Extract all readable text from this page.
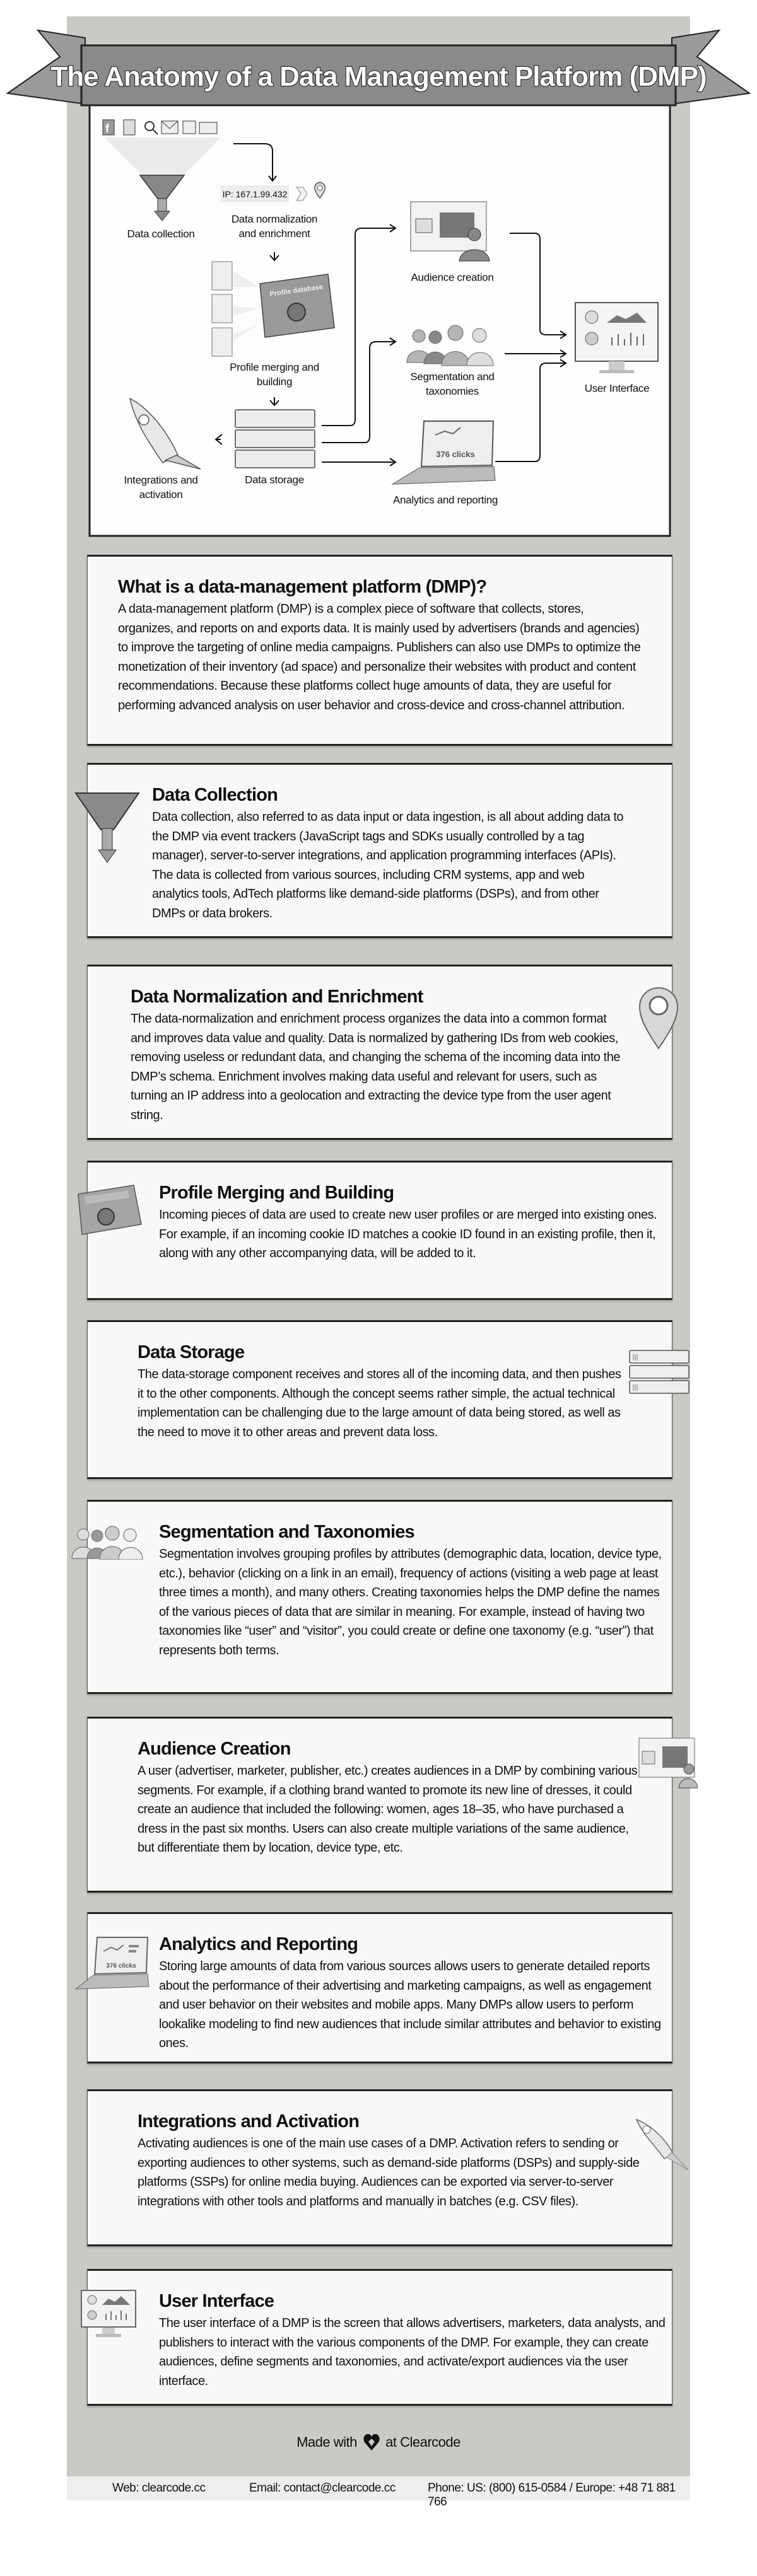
The Anatomy of a Data Management Platform (DMP)
f
IP: 167.1.99.432
Profile database
376 clicks
Data collection
Data normalization
and enrichment
Profile merging and
building
Data storage
Integrations and
activation
Audience creation
Segmentation and
taxonomies
Analytics and reporting
User Interface
What is a data-management platform (DMP)?

A data-management platform (DMP) is a complex piece of software that collects, stores, organizes, and reports on and exports data. It is mainly used by advertisers (brands and agencies) to improve the targeting of online media campaigns. Publishers can also use DMPs to optimize the monetization of their inventory (ad space) and personalize their websites with product and content recommendations. Because these platforms collect huge amounts of data, they are useful for performing advanced analysis on user behavior and cross-device and cross-channel attribution.

Data Collection

Data collection, also referred to as data input or data ingestion, is all about adding data to the DMP via event trackers (JavaScript tags and SDKs usually controlled by a tag manager), server-to-server integrations, and application programming interfaces (APIs). The data is collected from various sources, including CRM systems, app and web analytics tools, AdTech platforms like demand-side platforms (DSPs), and from other DMPs or data brokers.

Data Normalization and Enrichment

The data-normalization and enrichment process organizes the data into a common format and improves data value and quality. Data is normalized by gathering IDs from web cookies, removing useless or redundant data, and changing the schema of the incoming data into the DMP’s schema. Enrichment involves making data useful and relevant for users, such as turning an IP address into a geolocation and extracting the device type from the user agent string.

Profile Merging and Building

Incoming pieces of data are used to create new user profiles or are merged into existing ones. For example, if an incoming cookie ID matches a cookie ID found in an existing profile, then it, along with any other accompanying data, will be added to it.

Data Storage

The data-storage component receives and stores all of the incoming data, and then pushes it to the other components. Although the concept seems rather simple, the actual technical implementation can be challenging due to the large amount of data being stored, as well as the need to move it to other areas and prevent data loss.

Segmentation and Taxonomies

Segmentation involves grouping profiles by attributes (demographic data, location, device type, etc.), behavior (clicking on a link in an email), frequency of actions (visiting a web page at least three times a month), and many others. Creating taxonomies helps the DMP define the names of the various pieces of data that are similar in meaning. For example, instead of having two taxonomies like “user” and “visitor”, you could create or define one taxonomy (e.g. “user”) that represents both terms.

Audience Creation

A user (advertiser, marketer, publisher, etc.) creates audiences in a DMP by combining various segments. For example, if a clothing brand wanted to promote its new line of dresses, it could create an audience that included the following: women, ages 18–35, who have purchased a dress in the past six months. Users can also create multiple variations of the same audience, but differentiate them by location, device type, etc.

Analytics and Reporting

Storing large amounts of data from various sources allows users to generate detailed reports about the performance of their advertising and marketing campaigns, as well as engagement and user behavior on their websites and mobile apps. Many DMPs allow users to perform lookalike modeling to find new audiences that include similar attributes and behavior to existing ones.

376 clicks
Integrations and Activation

Activating audiences is one of the main use cases of a DMP. Activation refers to sending or exporting audiences to other systems, such as demand-side platforms (DSPs) and supply-side platforms (SSPs) for online media buying. Audiences can be exported via server-to-server integrations with other tools and platforms and manually in batches (e.g. CSV files).

User Interface

The user interface of a DMP is the screen that allows advertisers, marketers, data analysts, and publishers to interact with the various components of the DMP. For example, they can create audiences, define segments and taxonomies, and activate/export audiences via the user interface.

Made with at Clearcode
Web: clearcode.cc	Email: contact@clearcode.cc	Phone: US: (800) 615-0584 / Europe: +48 71 881 766
